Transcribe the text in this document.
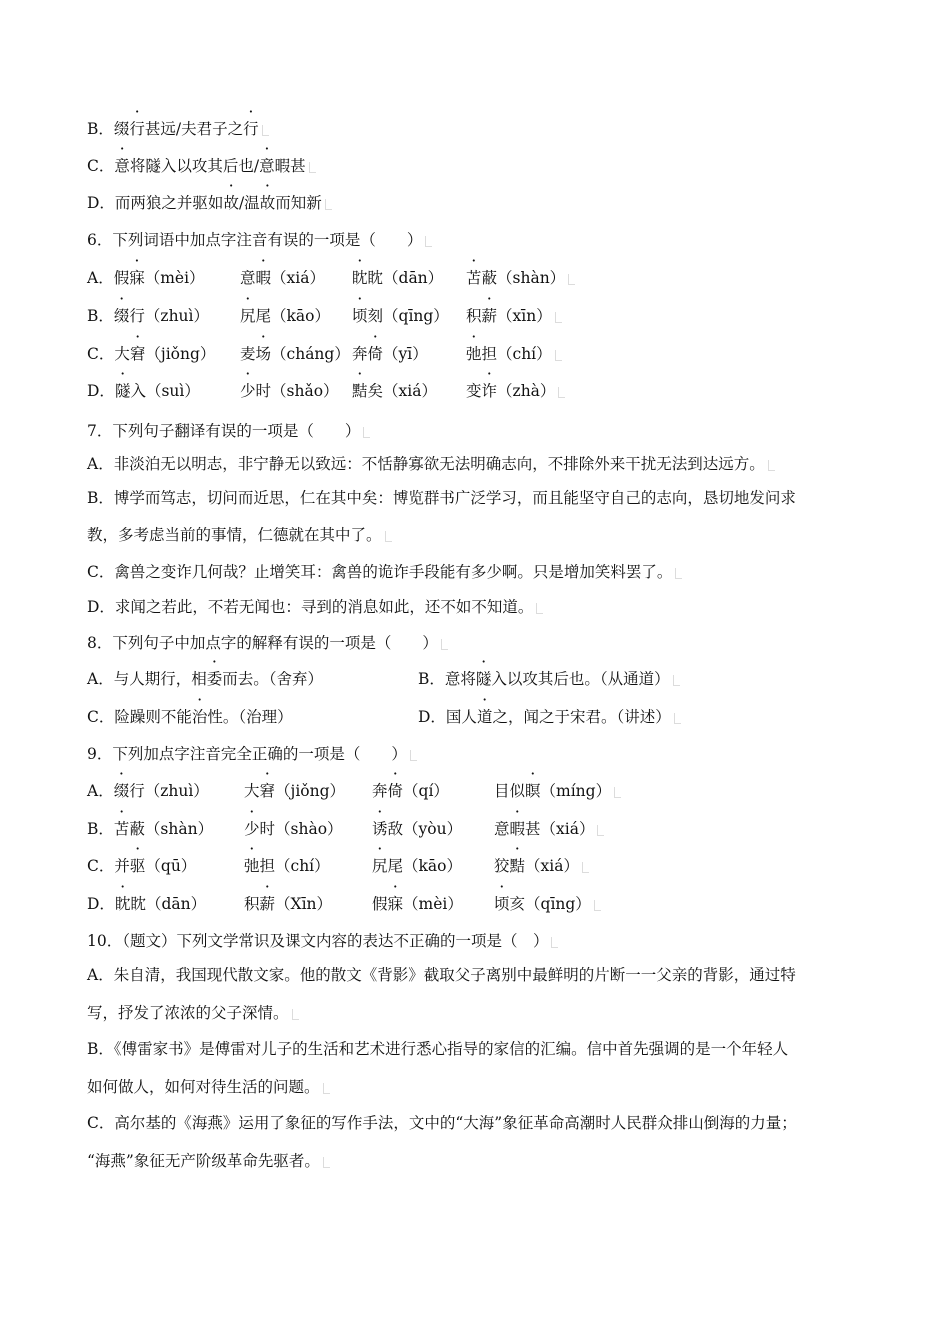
B．缀行甚远/夫君子之行
C．意将隧入以攻其后也/意暇甚
D．而两狼之并驱如故/温故而知新
6．下列词语中加点字注音有误的一项是（　　）
A．假寐（mèi） 意暇（xiá） 眈眈（dān） 苫蔽（shàn）
B．缀行（zhuì） 尻尾（kāo） 顷刻（qīng） 积薪（xīn）
C．大窘（jiǒng） 麦场（cháng） 奔倚（yī） 弛担（chí）
D．隧入（suì）	少时（shǎo） 黠矣（xiá） 变诈（zhà）
7．下列句子翻译有误的一项是（　　）
A．非淡泊无以明志，非宁静无以致远：不恬静寡欲无法明确志向，不排除外来干扰无法到达远方。
B．博学而笃志，切问而近思，仁在其中矣：博览群书广泛学习，而且能坚守自己的志向，恳切地发问求
教，多考虑当前的事情，仁德就在其中了。
C．禽兽之变诈几何哉？止增笑耳：禽兽的诡诈手段能有多少啊。只是增加笑料罢了。
D．求闻之若此，不若无闻也：寻到的消息如此，还不如不知道。
8．下列句子中加点字的解释有误的一项是（　　）
A．与人期行，相委而去。（舍弃）	B．意将隧入以攻其后也。（从通道）
C．险躁则不能治性。（治理）	D．国人道之，闻之于宋君。（讲述）
9．下列加点字注音完全正确的一项是（　　）
A．缀行（zhuì） 大窘（jiǒng） 奔倚（qí）	目似瞑（míng）
B．苫蔽（shàn） 少时（shào） 诱敌（yòu） 意暇甚（xiá）
C．并驱（qū）	弛担（chí）	尻尾（kāo） 狡黠（xiá）
D．眈眈（dān） 积薪（Xīn）	假寐（mèi） 顷亥（qīng）
10．（题文）下列文学常识及课文内容的表达不正确的一项是（　）
A．朱自清，我国现代散文家。他的散文《背影》截取父子离别中最鲜明的片断一一父亲的背影，通过特
写，抒发了浓浓的父子深情。
B．《傅雷家书》是傅雷对儿子的生活和艺术进行悉心指导的家信的汇编。信中首先强调的是一个年轻人
如何做人，如何对待生活的问题。
C．高尔基的《海燕》运用了象征的写作手法，文中的“大海”象征革命高潮时人民群众排山倒海的力量；
“海燕”象征无产阶级革命先驱者。
